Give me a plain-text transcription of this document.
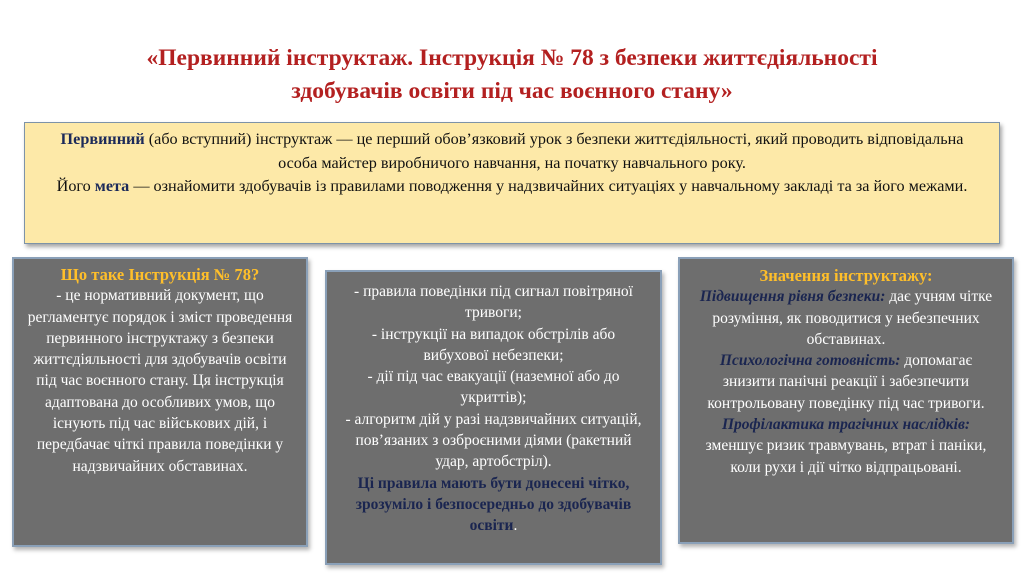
«Первинний інструктаж. Інструкція № 78 з безпеки життєдіяльності
здобувачів освіти під час воєнного стану»
Первинний (або вступний) інструктаж — це перший обов’язковий урок з безпеки життєдіяльності, який проводить відповідальна особа майстер виробничого навчання, на початку навчального року.
Його мета — ознайомити здобувачів із правилами поводження у надзвичайних ситуаціях у навчальному закладі та за його межами.

Що таке Інструкція № 78?

- це нормативний документ, що регламентує порядок і зміст проведення первинного інструктажу з безпеки життєдіяльності для здобувачів освіти під час воєнного стану. Ця інструкція адаптована до особливих умов, що існують під час військових дій, і передбачає чіткі правила поведінки у надзвичайних обставинах.

- правила поведінки під сигнал повітряної тривоги;

- інструкції на випадок обстрілів або вибухової небезпеки;

- дії під час евакуації (наземної або до укриттів);

- алгоритм дій у разі надзвичайних ситуацій, пов’язаних з озброєними діями (ракетний удар, артобстріл).

Ці правила мають бути донесені чітко, зрозуміло і безпосередньо до здобувачів освіти.

Значення інструктажу:

Підвищення рівня безпеки: дає учням чітке розуміння, як поводитися у небезпечних обставинах.

Психологічна готовність: допомагає знизити панічні реакції і забезпечити контрольовану поведінку під час тривоги.

Профілактика трагічних наслідків: зменшує ризик травмувань, втрат і паніки, коли рухи і дії чітко відпрацьовані.
